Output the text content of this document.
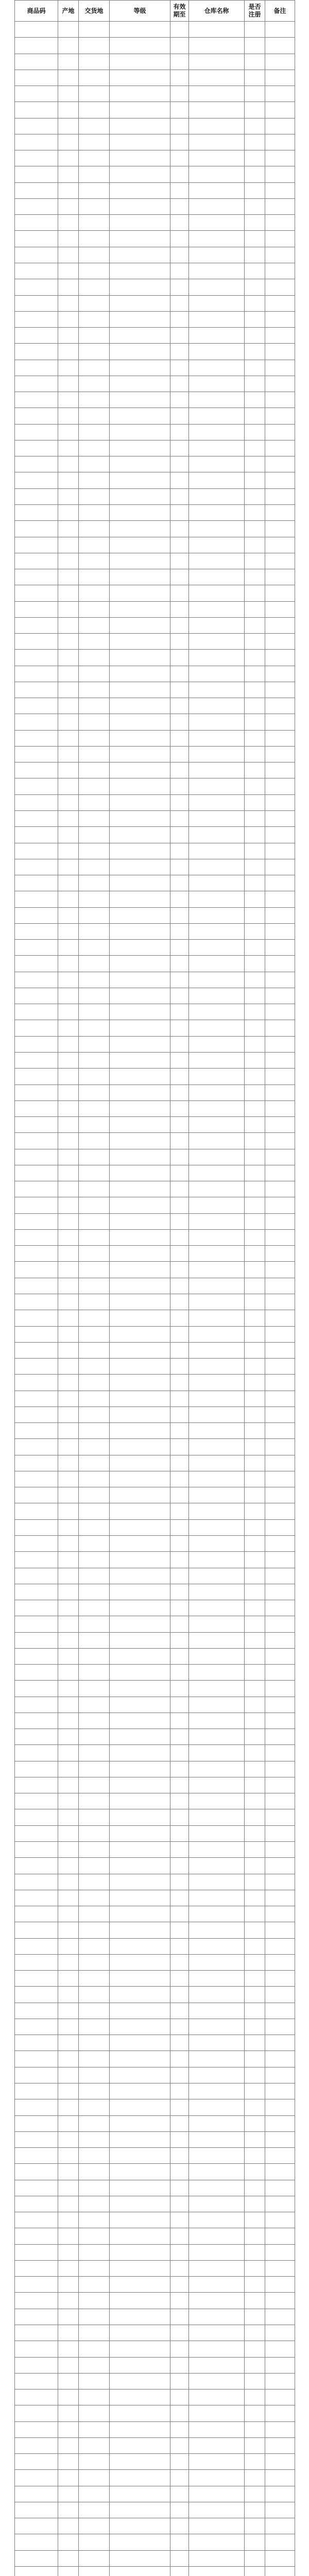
商品码	产地	交货地	等级	有效期至	仓库名称	是否注册	备注
